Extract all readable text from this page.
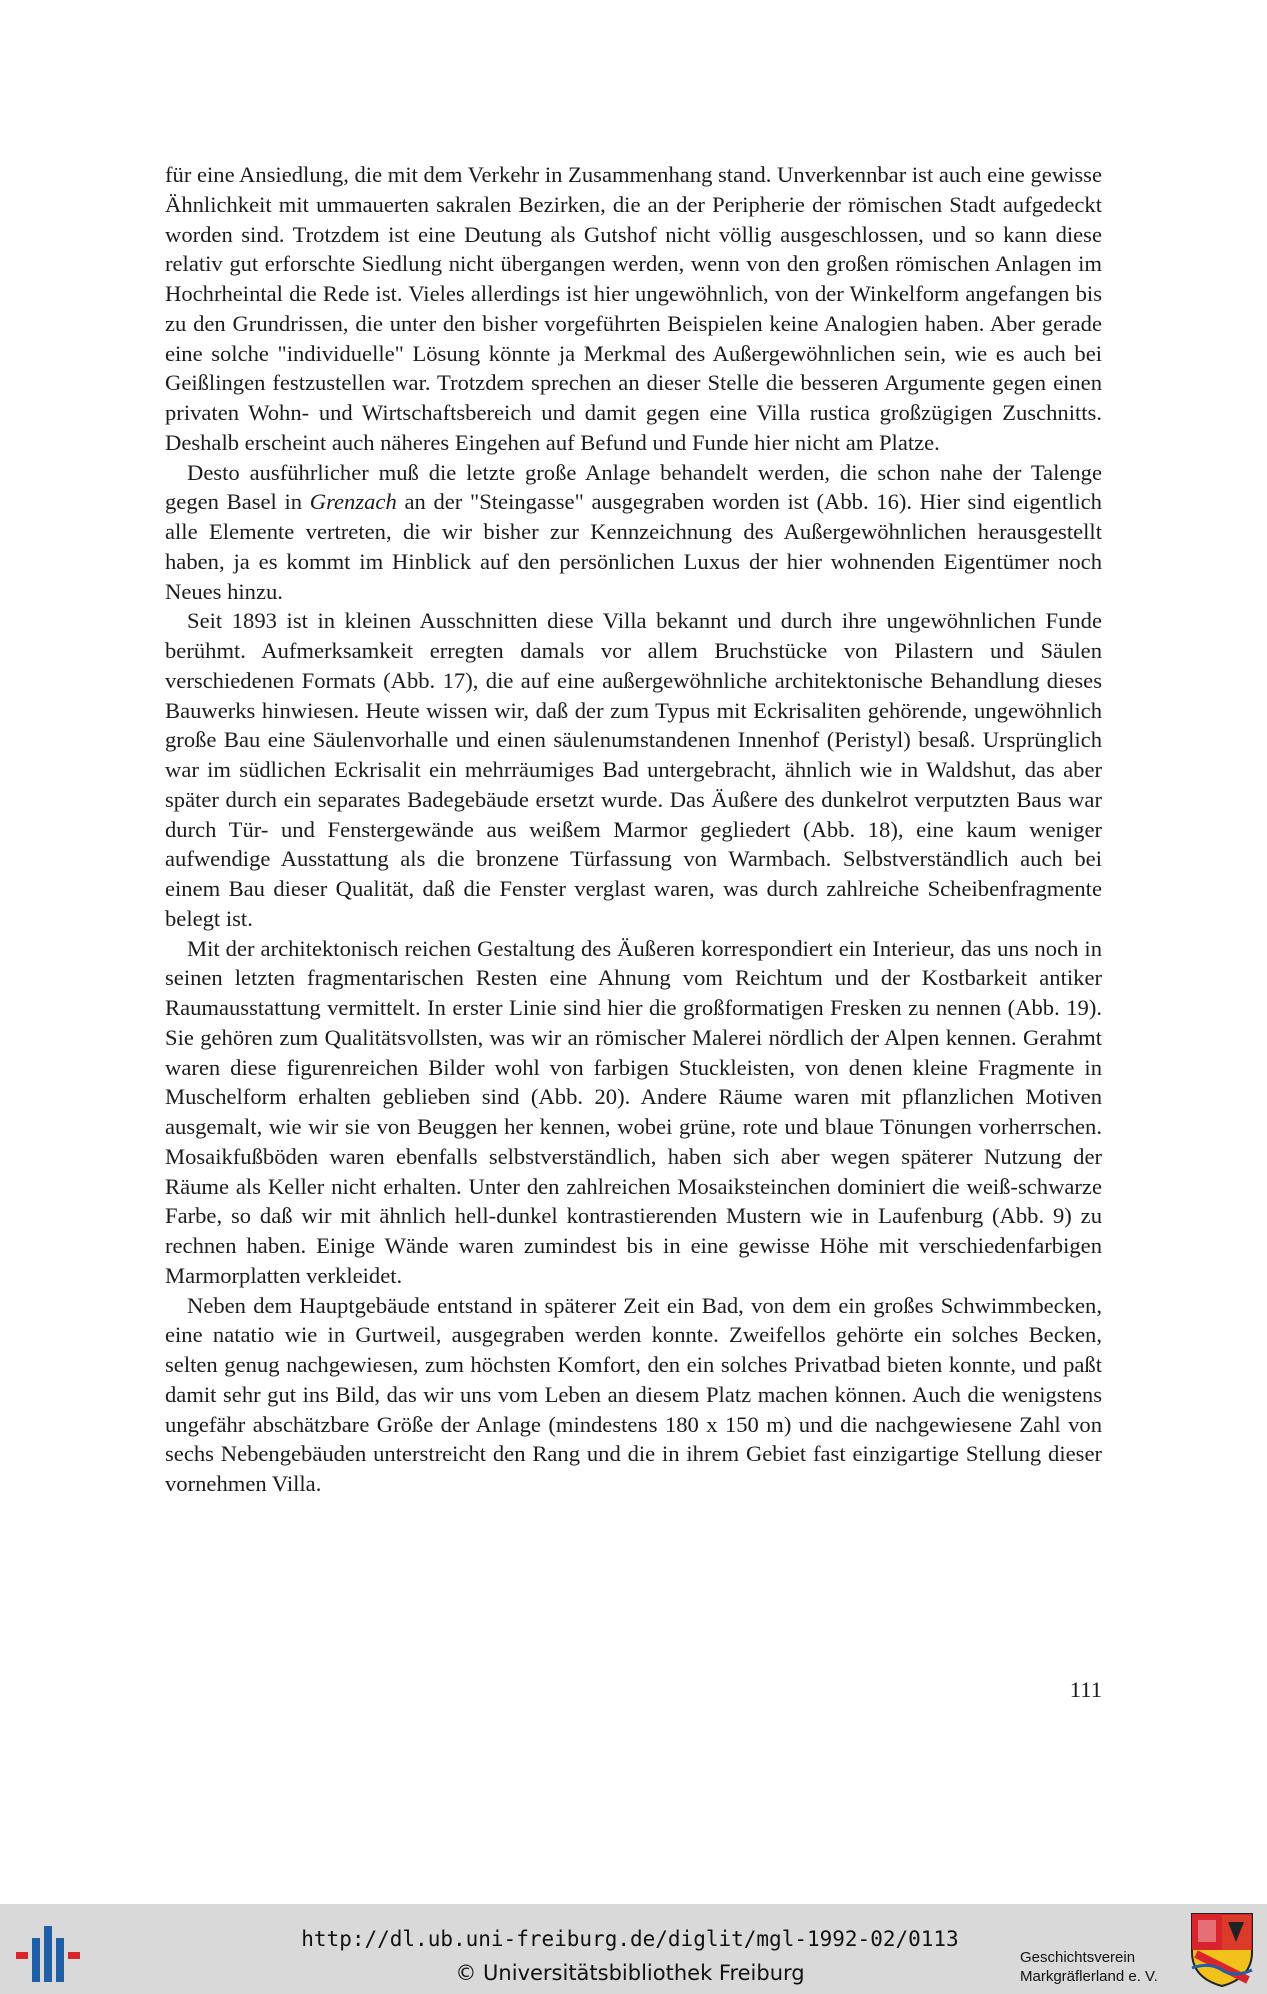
für eine Ansiedlung, die mit dem Verkehr in Zusammenhang stand. Unverkennbar ist auch eine gewisse Ähnlichkeit mit ummauerten sakralen Bezirken, die an der Peripherie der römischen Stadt aufgedeckt worden sind. Trotzdem ist eine Deutung als Gutshof nicht völlig ausgeschlossen, und so kann diese relativ gut erforschte Siedlung nicht übergangen werden, wenn von den großen römischen Anlagen im Hochrheintal die Rede ist. Vieles allerdings ist hier ungewöhnlich, von der Winkelform angefangen bis zu den Grundrissen, die unter den bisher vorgeführten Beispielen keine Analogien haben. Aber gerade eine solche "individuelle" Lösung könnte ja Merkmal des Außergewöhnlichen sein, wie es auch bei Geißlingen festzustellen war. Trotzdem sprechen an dieser Stelle die besseren Argumente gegen einen privaten Wohn- und Wirtschaftsbereich und damit gegen eine Villa rustica großzügigen Zuschnitts. Deshalb erscheint auch näheres Eingehen auf Befund und Funde hier nicht am Platze.

Desto ausführlicher muß die letzte große Anlage behandelt werden, die schon nahe der Talenge gegen Basel in Grenzach an der "Steingasse" ausgegraben worden ist (Abb. 16). Hier sind eigentlich alle Elemente vertreten, die wir bisher zur Kennzeichnung des Außergewöhnlichen herausgestellt haben, ja es kommt im Hinblick auf den persönlichen Luxus der hier wohnenden Eigentümer noch Neues hinzu.

Seit 1893 ist in kleinen Ausschnitten diese Villa bekannt und durch ihre ungewöhnlichen Funde berühmt. Aufmerksamkeit erregten damals vor allem Bruchstücke von Pilastern und Säulen verschiedenen Formats (Abb. 17), die auf eine außergewöhnliche architektonische Behandlung dieses Bauwerks hinwiesen. Heute wissen wir, daß der zum Typus mit Eckrisaliten gehörende, ungewöhnlich große Bau eine Säulenvorhalle und einen säulenumstandenen Innenhof (Peristyl) besaß. Ursprünglich war im südlichen Eckrisalit ein mehrräumiges Bad untergebracht, ähnlich wie in Waldshut, das aber später durch ein separates Badegebäude ersetzt wurde. Das Äußere des dunkelrot verputzten Baus war durch Tür- und Fenstergewände aus weißem Marmor gegliedert (Abb. 18), eine kaum weniger aufwendige Ausstattung als die bronzene Türfassung von Warmbach. Selbstverständlich auch bei einem Bau dieser Qualität, daß die Fenster verglast waren, was durch zahlreiche Scheibenfragmente belegt ist.

Mit der architektonisch reichen Gestaltung des Äußeren korrespondiert ein Interieur, das uns noch in seinen letzten fragmentarischen Resten eine Ahnung vom Reichtum und der Kostbarkeit antiker Raumausstattung vermittelt. In erster Linie sind hier die großformatigen Fresken zu nennen (Abb. 19). Sie gehören zum Qualitätsvollsten, was wir an römischer Malerei nördlich der Alpen kennen. Gerahmt waren diese figurenreichen Bilder wohl von farbigen Stuckleisten, von denen kleine Fragmente in Muschelform erhalten geblieben sind (Abb. 20). Andere Räume waren mit pflanzlichen Motiven ausgemalt, wie wir sie von Beuggen her kennen, wobei grüne, rote und blaue Tönungen vorherrschen. Mosaikfußböden waren ebenfalls selbstverständlich, haben sich aber wegen späterer Nutzung der Räume als Keller nicht erhalten. Unter den zahlreichen Mosaiksteinchen dominiert die weiß-schwarze Farbe, so daß wir mit ähnlich hell-dunkel kontrastierenden Mustern wie in Laufenburg (Abb. 9) zu rechnen haben. Einige Wände waren zumindest bis in eine gewisse Höhe mit verschiedenfarbigen Marmorplatten verkleidet.

Neben dem Hauptgebäude entstand in späterer Zeit ein Bad, von dem ein großes Schwimmbecken, eine natatio wie in Gurtweil, ausgegraben werden konnte. Zweifellos gehörte ein solches Becken, selten genug nachgewiesen, zum höchsten Komfort, den ein solches Privatbad bieten konnte, und paßt damit sehr gut ins Bild, das wir uns vom Leben an diesem Platz machen können. Auch die wenigstens ungefähr abschätzbare Größe der Anlage (mindestens 180 x 150 m) und die nachgewiesene Zahl von sechs Nebengebäuden unterstreicht den Rang und die in ihrem Gebiet fast einzigartige Stellung dieser vornehmen Villa.

111
http://dl.ub.uni-freiburg.de/diglit/mgl-1992-02/0113
© Universitätsbibliothek Freiburg
Geschichtsverein
Markgräflerland e. V.
